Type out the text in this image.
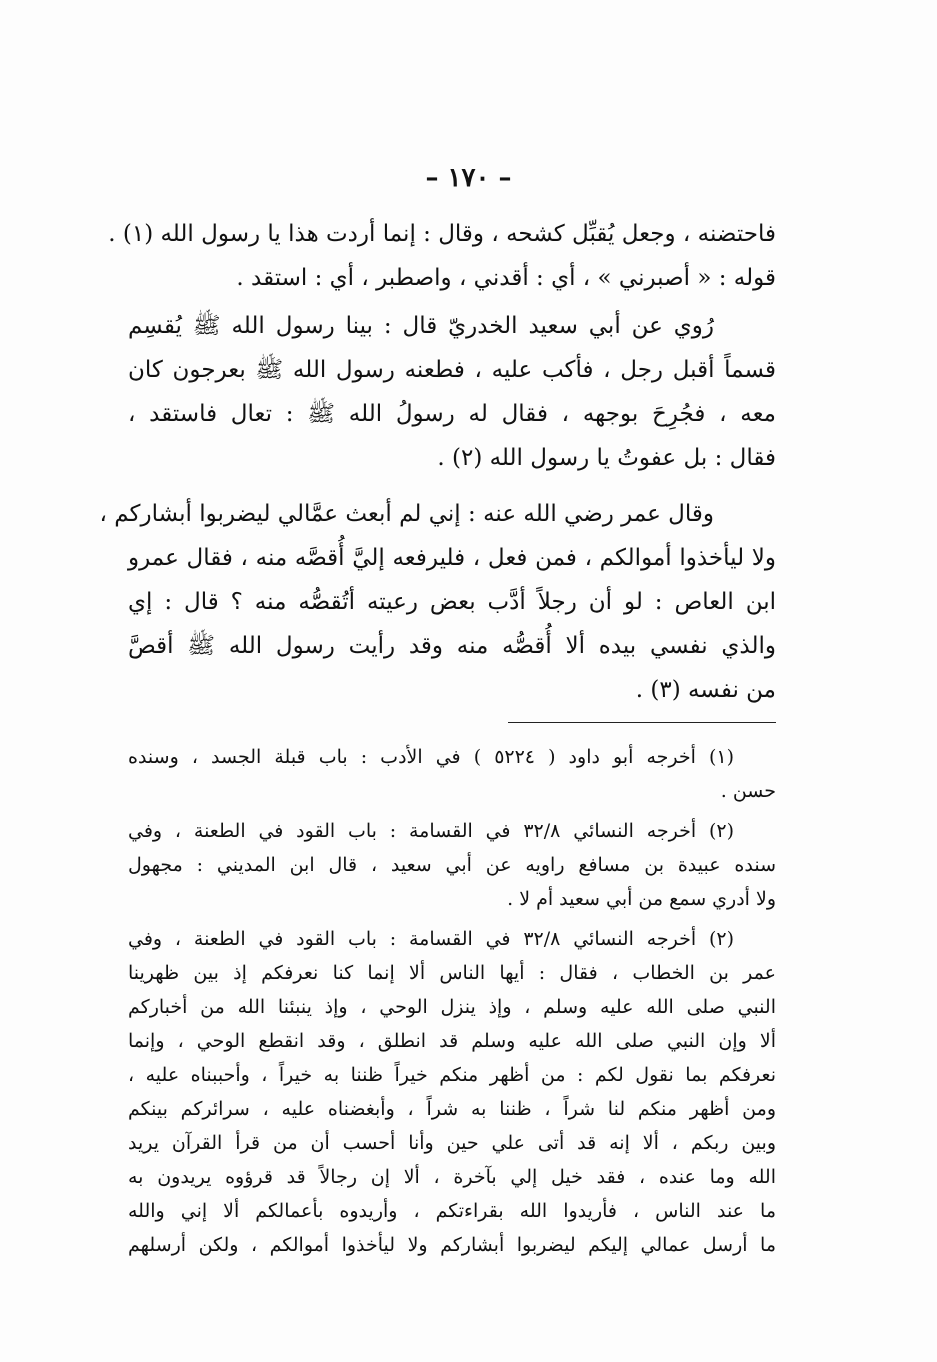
– ١٧٠ –
فاحتضنه ، وجعل يُقبِّل كشحه ، وقال : إنما أردت هذا يا رسول الله (١) .
قوله : « أصبرني » ، أي : أقدني ، واصطبر ، أي : استقد .
رُوي عن أبي سعيد الخدريّ قال : بينا رسول الله ﷺ يُقسِم
قسماً أقبل رجل ، فأكب عليه ، فطعنه رسول الله ﷺ بعرجون كان
معه ، فجُرِحَ بوجهه ، فقال له رسولُ الله ﷺ : تعال فاستقد ،
فقال : بل عفوتُ يا رسول الله (٢) .
وقال عمر رضي الله عنه : إني لم أبعث عمَّالي ليضربوا أبشاركم ،
ولا ليأخذوا أموالكم ، فمن فعل ، فليرفعه إليَّ أُقصَّه منه ، فقال عمرو
ابن العاص : لو أن رجلاً أدَّب بعض رعيته أتُقصُّه منه ؟ قال : إي
والذي نفسي بيده ألا أُقصُّه منه وقد رأيت رسول الله ﷺ أقصَّ
من نفسه (٣) .
(١) أخرجه أبو داود ( ٥٢٢٤ ) في الأدب : باب قبلة الجسد ، وسنده
حسن .
(٢) أخرجه النسائي ٣٢/٨ في القسامة : باب القود في الطعنة ، وفي
سنده عبيدة بن مسافع راويه عن أبي سعيد ، قال ابن المديني : مجهول
ولا أدري سمع من أبي سعيد أم لا .
(٢) أخرجه النسائي ٣٢/٨ في القسامة : باب القود في الطعنة ، وفي
عمر بن الخطاب ، فقال : أيها الناس ألا إنما كنا نعرفكم إذ بين ظهرينا
النبي صلى الله عليه وسلم ، وإذ ينزل الوحي ، وإذ ينبئنا الله من أخباركم
ألا وإن النبي صلى الله عليه وسلم قد انطلق ، وقد انقطع الوحي ، وإنما
نعرفكم بما نقول لكم : من أظهر منكم خيراً ظننا به خيراً ، وأحببناه عليه ،
ومن أظهر منكم لنا شراً ، ظننا به شراً ، وأبغضناه عليه ، سرائركم بينكم
وبين ربكم ، ألا إنه قد أتى علي حين وأنا أحسب أن من قرأ القرآن يريد
الله وما عنده ، فقد خيل إلي بآخرة ، ألا إن رجالاً قد قرؤوه يريدون به
ما عند الناس ، فأريدوا الله بقراءتكم ، وأريدوه بأعمالكم ألا إني والله
ما أرسل عمالي إليكم ليضربوا أبشاركم ولا ليأخذوا أموالكم ، ولكن أرسلهم
